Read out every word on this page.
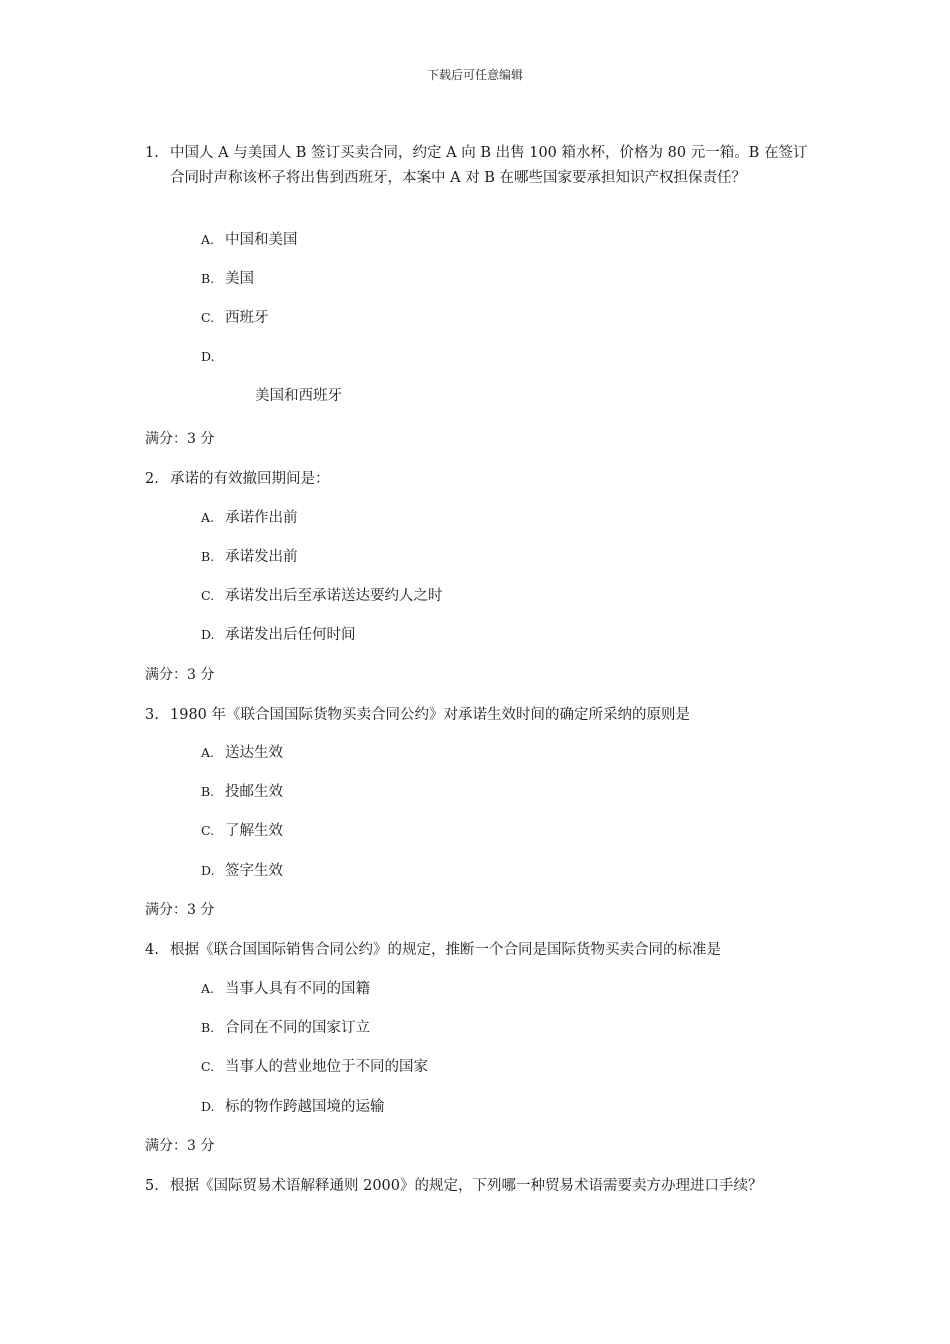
下载后可任意编辑
1. 中国人 A 与美国人 B 签订买卖合同，约定 A 向 B 出售 100 箱水杯，价格为 80 元一箱。B 在签订合同时声称该杯子将出售到西班牙，本案中 A 对 B 在哪些国家要承担知识产权担保责任？
A. 中国和美国
B. 美国
C. 西班牙
D.
美国和西班牙
满分：3 分
2. 承诺的有效撤回期间是：
A. 承诺作出前
B. 承诺发出前
C. 承诺发出后至承诺送达要约人之时
D. 承诺发出后任何时间
满分：3 分
3. 1980 年《联合国国际货物买卖合同公约》对承诺生效时间的确定所采纳的原则是
A. 送达生效
B. 投邮生效
C. 了解生效
D. 签字生效
满分：3 分
4. 根据《联合国国际销售合同公约》的规定，推断一个合同是国际货物买卖合同的标准是
A. 当事人具有不同的国籍
B. 合同在不同的国家订立
C. 当事人的营业地位于不同的国家
D. 标的物作跨越国境的运输
满分：3 分
5. 根据《国际贸易术语解释通则 2000》的规定，下列哪一种贸易术语需要卖方办理进口手续？
